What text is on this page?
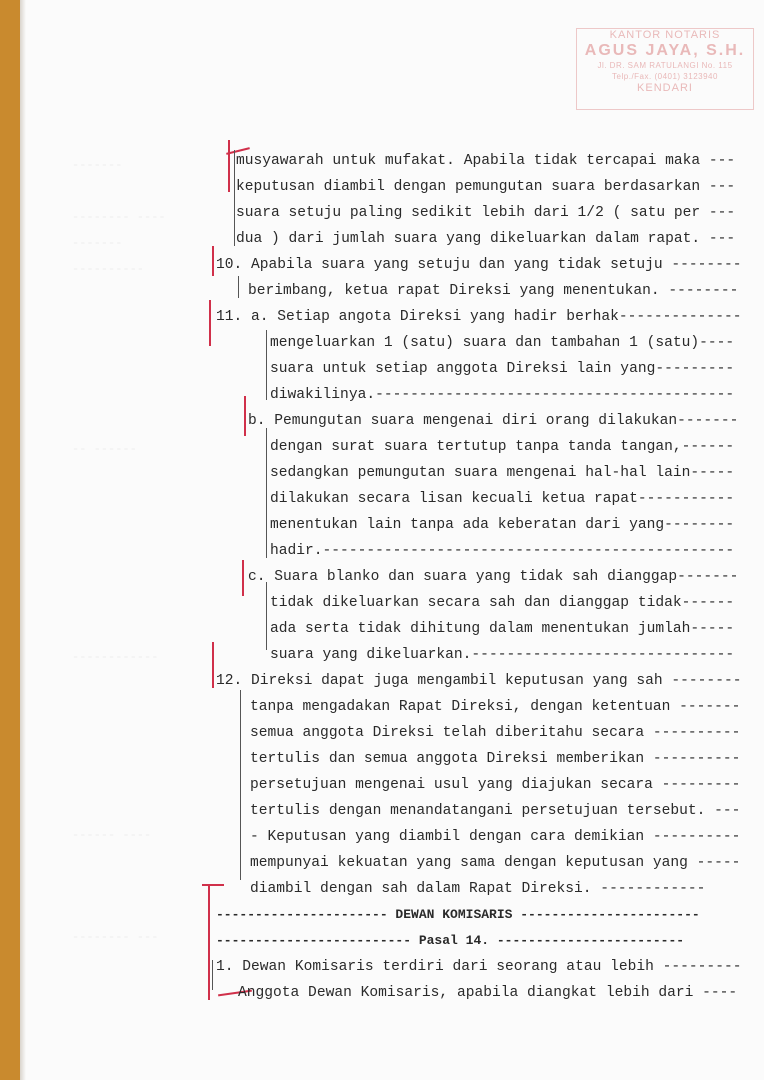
KANTOR NOTARIS
AGUS JAYA, S.H.
Jl. DR. SAM RATULANGI No. 115
Telp./Fax. (0401) 3123940
KENDARI
-------
-------- ----
-------
----------
-- ------
------------
------ ----
-------- ---
musyawarah untuk mufakat. Apabila tidak tercapai maka ---
keputusan diambil dengan pemungutan suara berdasarkan ---
suara setuju paling sedikit lebih dari 1/2 ( satu per ---
dua ) dari jumlah suara yang dikeluarkan dalam rapat. ---
10. Apabila suara yang setuju dan yang tidak setuju --------
berimbang, ketua rapat Direksi yang menentukan. --------
11. a. Setiap angota Direksi yang hadir berhak--------------
mengeluarkan 1 (satu) suara dan tambahan 1 (satu)----
suara untuk setiap anggota Direksi lain yang---------
diwakilinya.-----------------------------------------
b. Pemungutan suara mengenai diri orang dilakukan-------
dengan surat suara tertutup tanpa tanda tangan,------
sedangkan pemungutan suara mengenai hal-hal lain-----
dilakukan secara lisan kecuali ketua rapat-----------
menentukan lain tanpa ada keberatan dari yang--------
hadir.-----------------------------------------------
c. Suara blanko dan suara yang tidak sah dianggap-------
tidak dikeluarkan secara sah dan dianggap tidak------
ada serta tidak dihitung dalam menentukan jumlah-----
suara yang dikeluarkan.------------------------------
12. Direksi dapat juga mengambil keputusan yang sah --------
tanpa mengadakan Rapat Direksi, dengan ketentuan -------
semua anggota Direksi telah diberitahu secara ----------
tertulis dan semua anggota Direksi memberikan ----------
persetujuan mengenai usul yang diajukan secara ---------
tertulis dengan menandatangani persetujuan tersebut. ---
- Keputusan yang diambil dengan cara demikian ----------
mempunyai kekuatan yang sama dengan keputusan yang -----
diambil dengan sah dalam Rapat Direksi. ------------
---------------------- DEWAN KOMISARIS -----------------------
------------------------- Pasal 14. ------------------------
1. Dewan Komisaris terdiri dari seorang atau lebih ---------
Anggota Dewan Komisaris, apabila diangkat lebih dari ----
